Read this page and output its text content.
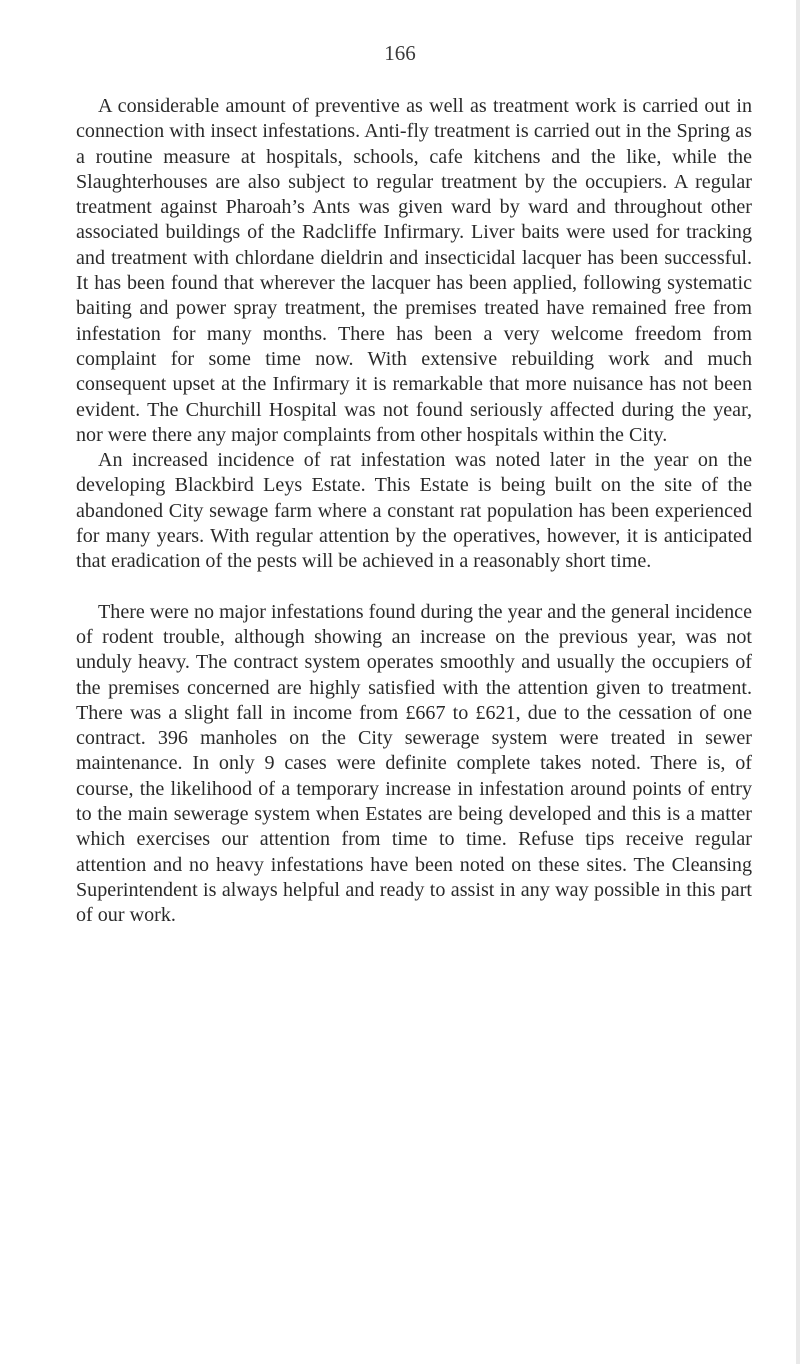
166

A considerable amount of preventive as well as treatment work is carried out in connection with insect infestations. Anti-fly treatment is carried out in the Spring as a routine measure at hospitals, schools, cafe kitchens and the like, while the Slaughterhouses are also subject to regular treatment by the occupiers. A regular treatment against Pharoah’s Ants was given ward by ward and throughout other associated buildings of the Radcliffe Infirmary. Liver baits were used for tracking and treatment with chlordane dieldrin and insecticidal lacquer has been successful. It has been found that wherever the lacquer has been applied, following systematic baiting and power spray treatment, the premises treated have remained free from infestation for many months. There has been a very welcome freedom from complaint for some time now. With extensive rebuilding work and much consequent upset at the Infirmary it is remarkable that more nuisance has not been evident. The Churchill Hospital was not found seriously affected during the year, nor were there any major complaints from other hospitals within the City.

An increased incidence of rat infestation was noted later in the year on the developing Blackbird Leys Estate. This Estate is being built on the site of the abandoned City sewage farm where a constant rat population has been experienced for many years. With regular attention by the operatives, however, it is anticipated that eradication of the pests will be achieved in a reasonably short time.

There were no major infestations found during the year and the general incidence of rodent trouble, although showing an increase on the previous year, was not unduly heavy. The contract system operates smoothly and usually the occupiers of the premises concerned are highly satisfied with the attention given to treatment. There was a slight fall in income from £667 to £621, due to the cessation of one contract. 396 manholes on the City sewerage system were treated in sewer maintenance. In only 9 cases were definite complete takes noted. There is, of course, the likelihood of a temporary increase in infestation around points of entry to the main sewerage system when Estates are being developed and this is a matter which exercises our attention from time to time. Refuse tips receive regular attention and no heavy infestations have been noted on these sites. The Cleansing Superintendent is always helpful and ready to assist in any way possible in this part of our work.
